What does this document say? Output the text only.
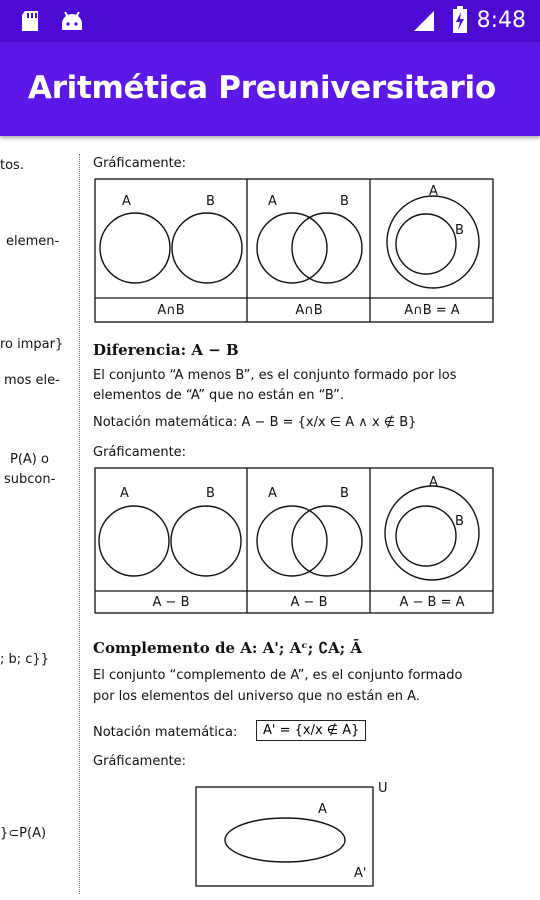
8:48
Aritmética Preuniversitario
tos.
elemen-
ro impar}
mos ele-
P(A) o
subcon-
; b; c}}
}⊂P(A)
Gráficamente:
A	B	A	B
A
B
A∩B	A∩B	A∩B = A
Diferencia: A − B
El conjunto “A menos B”, es el conjunto formado por los
elementos de “A” que no están en “B”.
Notación matemática: A − B = {x/x ∈ A ∧ x ∉ B}
Gráficamente:
A	B	A	B
A
B
A − B	A − B	A − B = A
Complemento de A: A'; Aᶜ; ∁A; Ā
El conjunto “complemento de A”, es el conjunto formado
por los elementos del universo que no están en A.
Notación matemática:	A' = {x/x ∉ A}
Gráficamente:
U
A
A'
